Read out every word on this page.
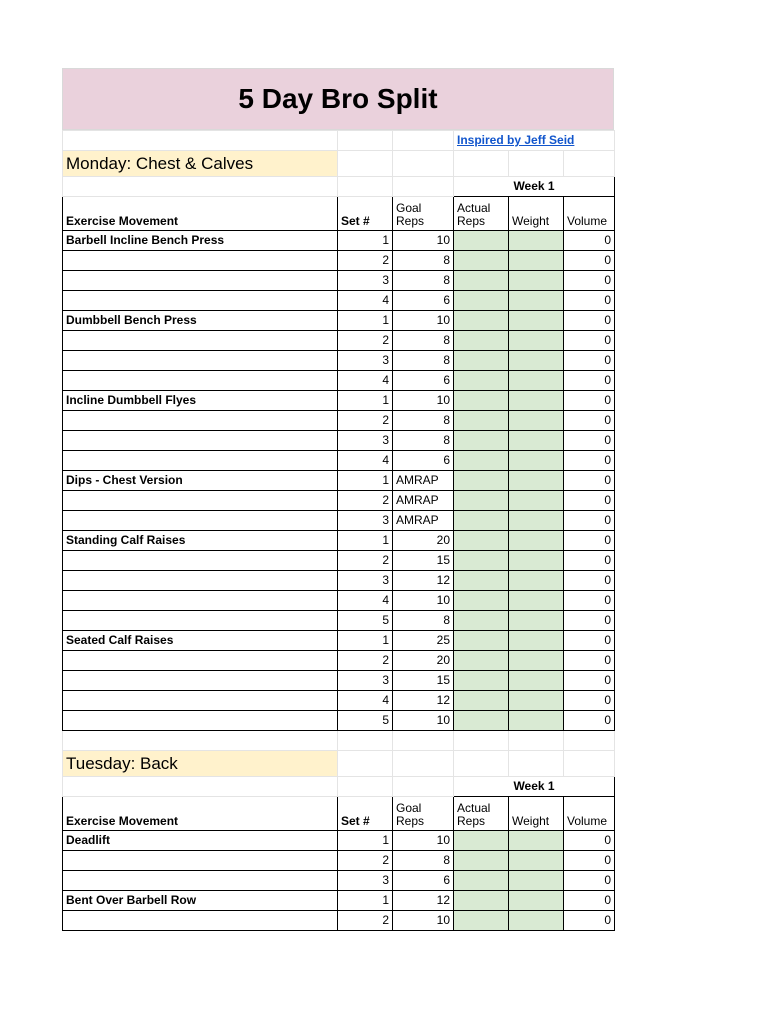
5 Day Bro Split
			Inspired by Jeff Seid		
Monday: Chest & Calves					
			Week 1		
Exercise Movement	Set #	Goal
Reps	Actual
Reps	Weight	Volume
Barbell Incline Bench Press	1	10			0
	2	8			0
	3	8			0
	4	6			0
Dumbbell Bench Press	1	10			0
	2	8			0
	3	8			0
	4	6			0
Incline Dumbbell Flyes	1	10			0
	2	8			0
	3	8			0
	4	6			0
Dips - Chest Version	1	AMRAP			0
	2	AMRAP			0
	3	AMRAP			0
Standing Calf Raises	1	20			0
	2	15			0
	3	12			0
	4	10			0
	5	8			0
Seated Calf Raises	1	25			0
	2	20			0
	3	15			0
	4	12			0
	5	10			0

Tuesday: Back					
			Week 1		
Exercise Movement	Set #	Goal
Reps	Actual
Reps	Weight	Volume
Deadlift	1	10			0
	2	8			0
	3	6			0
Bent Over Barbell Row	1	12			0
	2	10			0
